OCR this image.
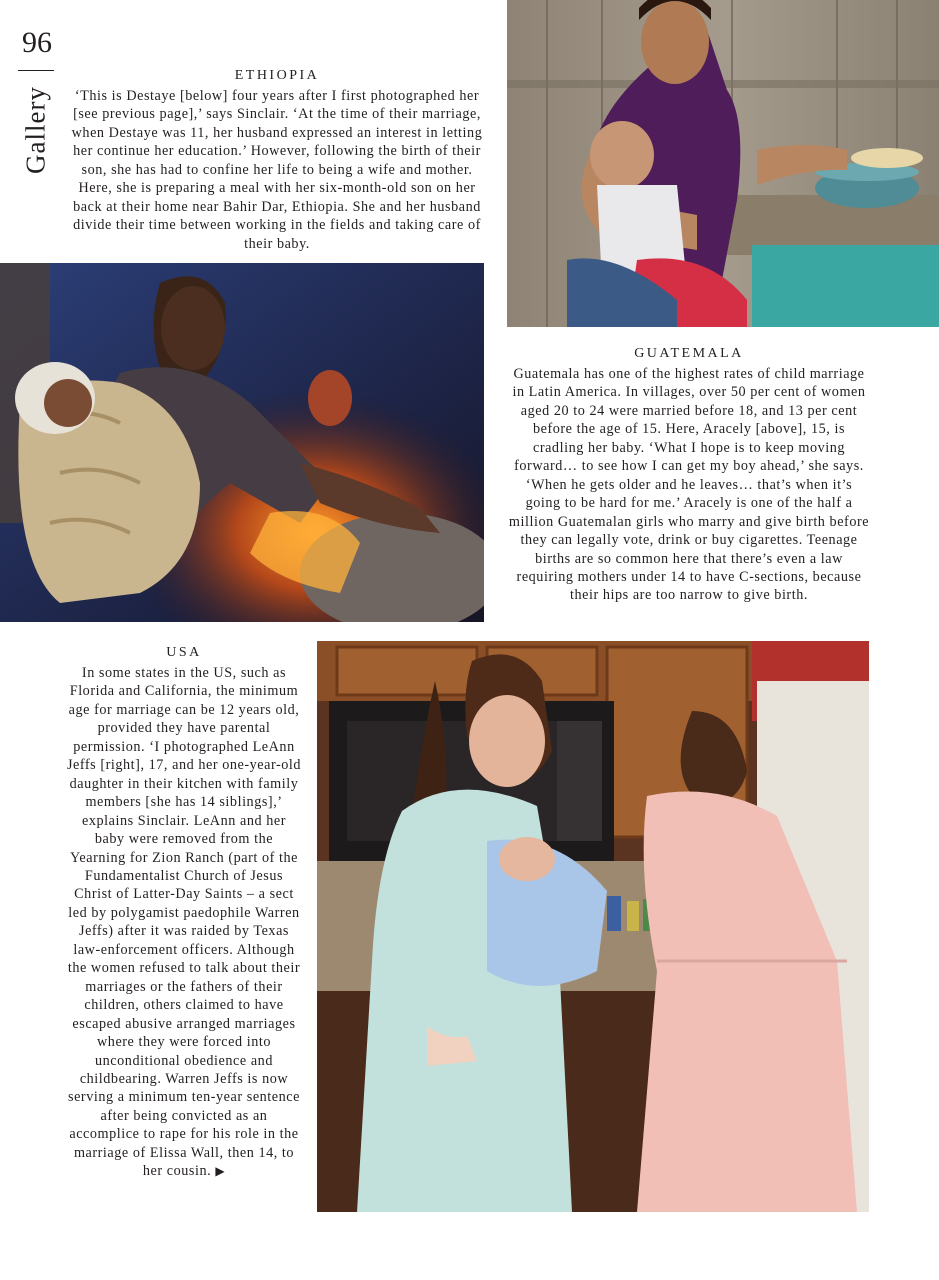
96
Gallery
ETHIOPIA
‘This is Destaye [below] four years after I first photographed her [see previous page],’ says Sinclair. ‘At the time of their marriage, when Destaye was 11, her husband expressed an interest in letting her continue her education.’ However, following the birth of their son, she has had to confine her life to being a wife and mother. Here, she is preparing a meal with her six-month-old son on her back at their home near Bahir Dar, Ethiopia. She and her husband divide their time between working in the fields and taking care of their baby.
GUATEMALA
Guatemala has one of the highest rates of child marriage in Latin America. In villages, over 50 per cent of women aged 20 to 24 were married before 18, and 13 per cent before the age of 15. Here, Aracely [above], 15, is cradling her baby. ‘What I hope is to keep moving forward… to see how I can get my boy ahead,’ she says. ‘When he gets older and he leaves… that’s when it’s going to be hard for me.’ Aracely is one of the half a million Guatemalan girls who marry and give birth before they can legally vote, drink or buy cigarettes. Teenage births are so common here that there’s even a law requiring mothers under 14 to have C-sections, because their hips are too narrow to give birth.
USA
In some states in the US, such as Florida and California, the minimum age for marriage can be 12 years old, provided they have parental permission. ‘I photographed LeAnn Jeffs [right], 17, and her one-year-old daughter in their kitchen with family members [she has 14 siblings],’ explains Sinclair. LeAnn and her baby were removed from the Yearning for Zion Ranch (part of the Fundamentalist Church of Jesus Christ of Latter-Day Saints – a sect led by polygamist paedophile Warren Jeffs) after it was raided by Texas law-enforcement officers. Although the women refused to talk about their marriages or the fathers of their children, others claimed to have escaped abusive arranged marriages where they were forced into unconditional obedience and childbearing. Warren Jeffs is now serving a minimum ten-year sentence after being convicted as an accomplice to rape for his role in the marriage of Elissa Wall, then 14, to her cousin. ▶
